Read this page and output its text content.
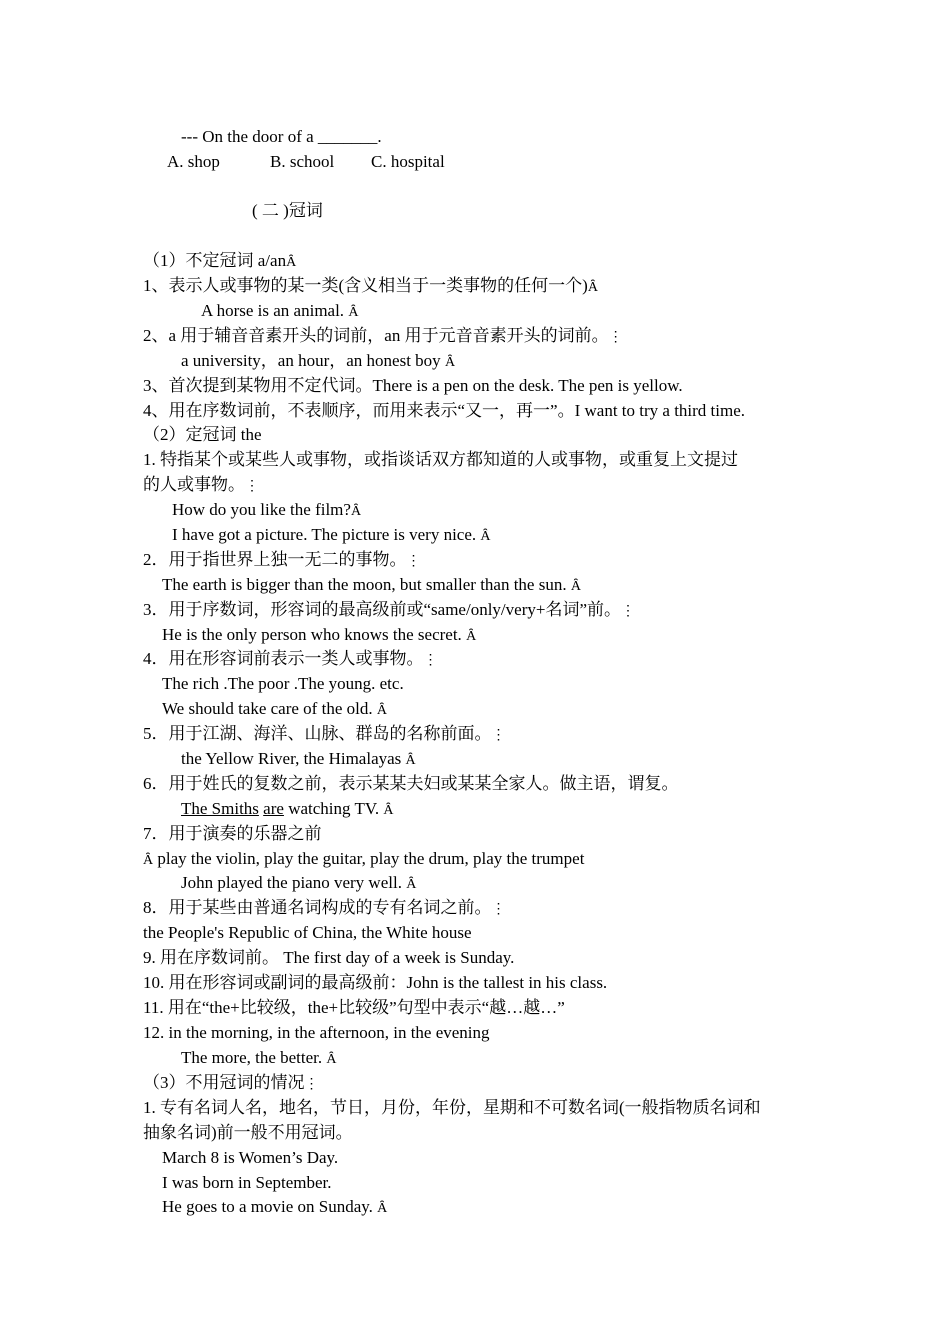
--- On the door of a _______.
A. shop	B. school C. hospital
( 二 )冠词
（1）不定冠词 a/anȂ
1、表示人或事物的某一类(含义相当于一类事物的任何一个)Ȃ
A horse is an animal. Ȃ
2、a 用于辅音音素开头的词前，an 用于元音音素开头的词前。⋮
a university，an hour，an honest boy Ȃ
3、首次提到某物用不定代词。There is a pen on the desk. The pen is yellow.
4、用在序数词前，不表顺序，而用来表示“又一，再一”。I want to try a third time.
（2）定冠词 the
1. 特指某个或某些人或事物，或指谈话双方都知道的人或事物，或重复上文提过
的人或事物。⋮
How do you like the film?Ȃ
I have got a picture. The picture is very nice. Ȃ
2．用于指世界上独一无二的事物。⋮
The earth is bigger than the moon, but smaller than the sun. Ȃ
3．用于序数词，形容词的最高级前或“same/only/very+名词”前。⋮
He is the only person who knows the secret. Ȃ
4．用在形容词前表示一类人或事物。⋮
The rich .The poor .The young. etc.
We should take care of the old. Ȃ
5．用于江湖、海洋、山脉、群岛的名称前面。⋮
the Yellow River, the Himalayas Ȃ
6．用于姓氏的复数之前，表示某某夫妇或某某全家人。做主语，谓复。
The Smiths are watching TV. Ȃ
7．用于演奏的乐器之前
Ȃ play the violin, play the guitar, play the drum, play the trumpet
John played the piano very well. Ȃ
8．用于某些由普通名词构成的专有名词之前。⋮
the People's Republic of China, the White house
9. 用在序数词前。 The first day of a week is Sunday.
10. 用在形容词或副词的最高级前：John is the tallest in his class.
11. 用在“the+比较级，the+比较级”句型中表示“越…越…”
12. in the morning, in the afternoon, in the evening
The more, the better. Ȃ
（3）不用冠词的情况⋮
1. 专有名词人名，地名，节日，月份，年份，星期和不可数名词(一般指物质名词和
抽象名词)前一般不用冠词。
March 8 is Women’s Day.
I was born in September.
He goes to a movie on Sunday. Ȃ
